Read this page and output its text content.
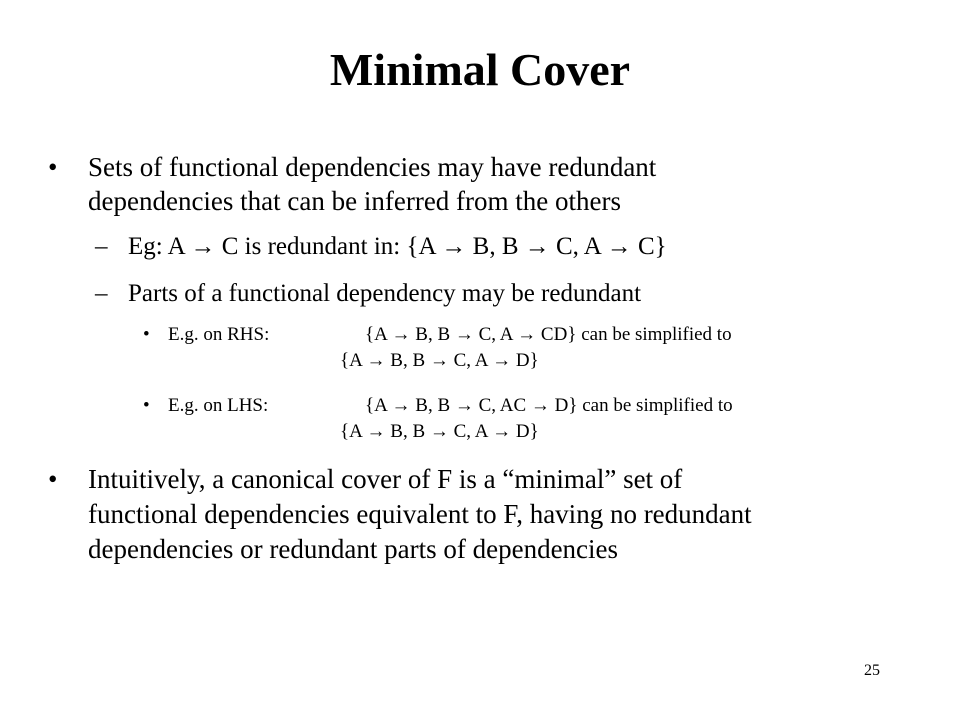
Minimal Cover
• Sets of functional dependencies may have redundant
dependencies that can be inferred from the others
– Eg: A → C is redundant in: {A → B, B → C, A → C}
– Parts of a functional dependency may be redundant
• E.g. on RHS:	{A → B, B → C, A → CD} can be simplified to
{A → B, B → C, A → D}
• E.g. on LHS:	{A → B, B → C, AC → D} can be simplified to
{A → B, B → C, A → D}
• Intuitively, a canonical cover of F is a “minimal” set of
functional dependencies equivalent to F, having no redundant
dependencies or redundant parts of dependencies
25
